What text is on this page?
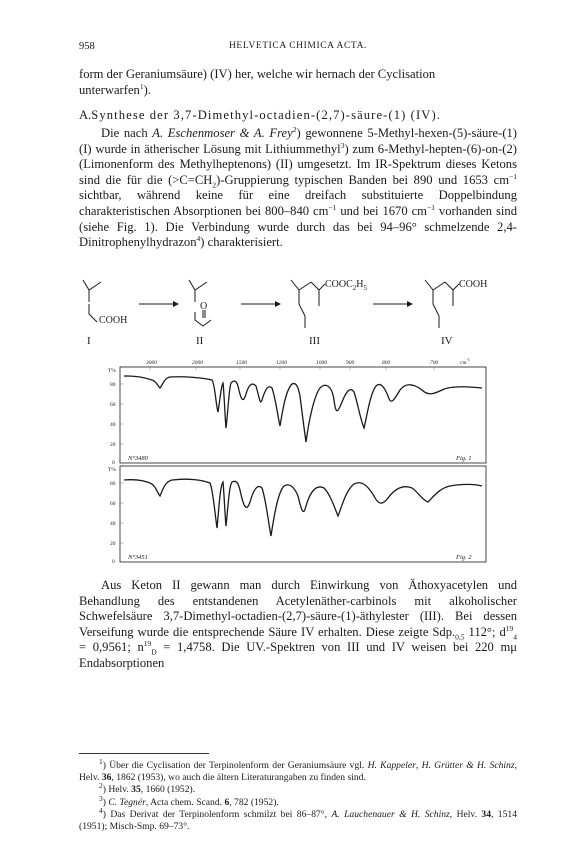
958	HELVETICA CHIMICA ACTA.

form der Geraniumsäure) (IV) her, welche wir hernach der Cyclisation
unterwarfen$^1$).

A.Synthese der 3,7-Dimethyl-octadien-(2,7)-säure-(1) (IV).

Die nach A. Eschenmoser & A. Frey$^2$) gewonnene 5-Methyl-hexen-(5)-säure-(1) (I) wurde in ätherischer Lösung mit Lithiummethyl$^3$) zum 6-Methyl-hepten-(6)-on-(2) (Limonenform des Methylheptenons) (II) umgesetzt. Im IR-Spektrum dieses Ketons sind die für die $(>C=CH_2)$-Gruppierung typischen Banden bei 890 und 1653 $cm^{-1}$ sichtbar, während keine für eine dreifach substituierte Doppelbindung charakteristischen Absorptionen bei 800–840 $cm^{-1}$ und bei 1670 $cm^{-1}$ vorhanden sind (siehe Fig. 1). Die Verbindung wurde durch das bei 94–96° schmelzende 2,4-Dinitrophenylhydrazon$^4$) charakterisiert.

COOH
O
$COOC_2H_5$	COOH
I	II	III	IV
3000	2000	1500	1200	1000	900	800	700	$cm^{-1}$
T%
80
60
40
20
0
T%
80
60
40
20
0
N°3480	Fig. 1
N°3451	Fig. 2

Aus Keton II gewann man durch Einwirkung von Äthoxyacetylen und Behandlung des entstandenen Acetylenäther-carbinols mit alkoholischer Schwefelsäure 3,7-Dimethyl-octadien-(2,7)-säure-(1)-äthylester (III). Bei dessen Verseifung wurde die entsprechende Säure IV erhalten. Diese zeigte $Sdp._{0,5}$ 112°; $d^{19}_4 = 0,9561$; $n^{19}_D = 1,4758$. Die UV.-Spektren von III und IV weisen bei 220 mμ Endabsorptionen

$^1$) Über die Cyclisation der Terpinolenform der Geraniumsäure vgl. H. Kappeler, H. Grütter & H. Schinz, Helv. 36, 1862 (1953), wo auch die ältern Literaturangaben zu finden sind.

$^2$) Helv. 35, 1660 (1952).

$^3$) C. Tegnér, Acta chem. Scand. 6, 782 (1952).

$^4$) Das Derivat der Terpinolenform schmilzt bei 86–87°, A. Lauchenauer & H. Schinz, Helv. 34, 1514 (1951); Misch-Smp. 69–73°.
